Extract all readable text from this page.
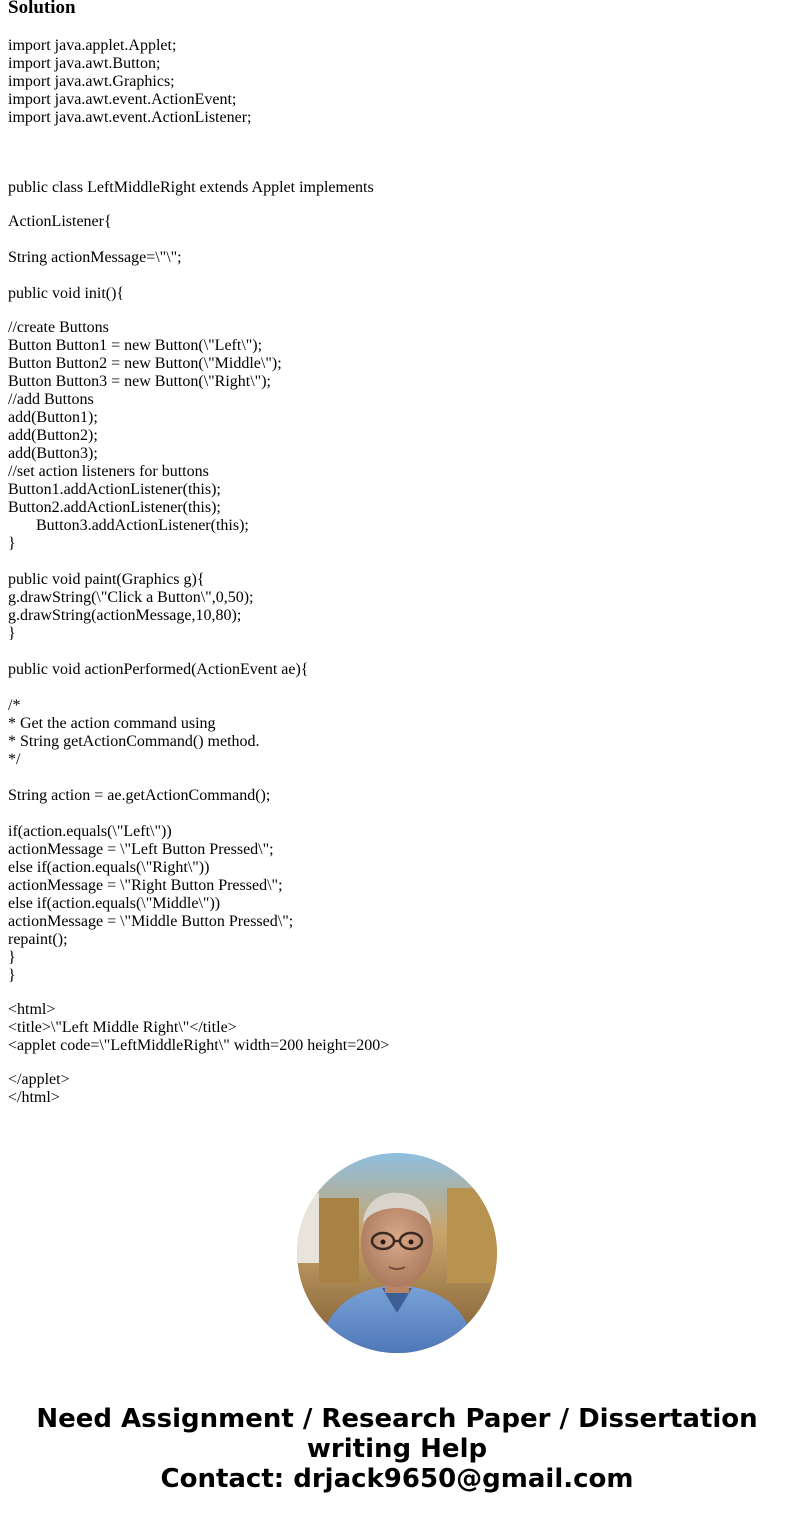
Solution
import java.applet.Applet;
import java.awt.Button;
import java.awt.Graphics;
import java.awt.event.ActionEvent;
import java.awt.event.ActionListener;
public class LeftMiddleRight extends Applet implements
ActionListener{
String actionMessage=\"\";
public void init(){
//create Buttons
Button Button1 = new Button(\"Left\");
Button Button2 = new Button(\"Middle\");
Button Button3 = new Button(\"Right\");
//add Buttons
add(Button1);
add(Button2);
add(Button3);
//set action listeners for buttons
Button1.addActionListener(this);
Button2.addActionListener(this);
Button3.addActionListener(this);
}
public void paint(Graphics g){
g.drawString(\"Click a Button\",0,50);
g.drawString(actionMessage,10,80);
}
public void actionPerformed(ActionEvent ae){
/*
* Get the action command using
* String getActionCommand() method.
*/
String action = ae.getActionCommand();
if(action.equals(\"Left\"))
actionMessage = \"Left Button Pressed\";
else if(action.equals(\"Right\"))
actionMessage = \"Right Button Pressed\";
else if(action.equals(\"Middle\"))
actionMessage = \"Middle Button Pressed\";
repaint();
}
}
<html>
<title>\"Left Middle Right\"</title>
<applet code=\"LeftMiddleRight\" width=200 height=200>
</applet>
</html>
Need Assignment / Research Paper / Dissertation
writing Help
Contact: drjack9650@gmail.com
